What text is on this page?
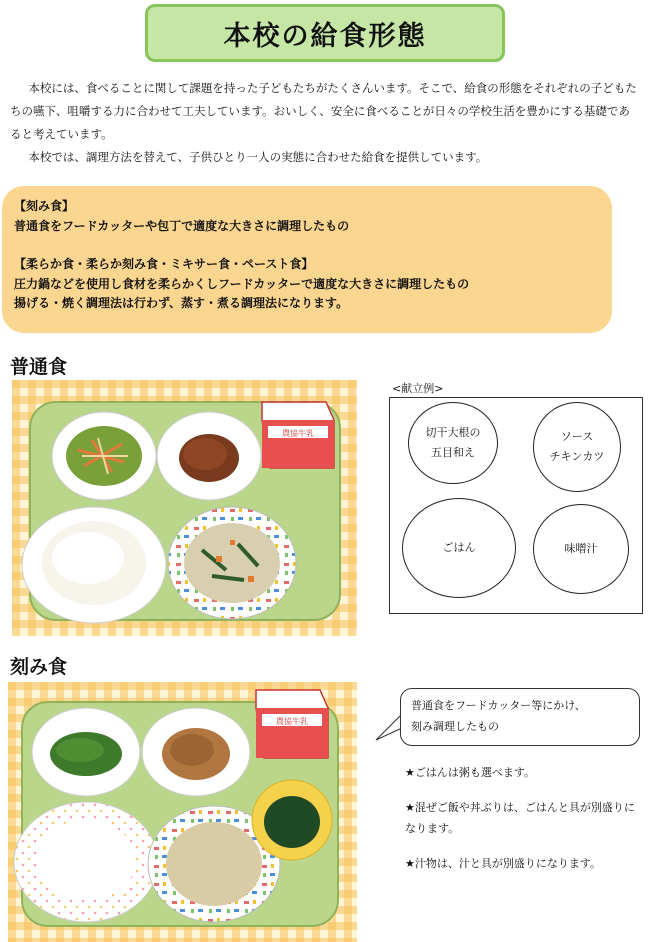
本校の給食形態

本校には、食べることに関して課題を持った子どもたちがたくさんいます。そこで、給食の形態をそれぞれの子どもたちの嚥下、咀嚼する力に合わせて工夫しています。おいしく、安全に食べることが日々の学校生活を豊かにする基礎であると考えています。

本校では、調理方法を替えて、子供ひとり一人の実態に合わせた給食を提供しています。

【刻み食】
普通食をフードカッターや包丁で適度な大きさに調理したもの
【柔らか食・柔らか刻み食・ミキサー食・ペースト食】
圧力鍋などを使用し食材を柔らかくしフードカッターで適度な大きさに調理したもの
揚げる・焼く調理法は行わず、蒸す・煮る調理法になります。
普通食
農協牛乳
<献立例>
切干大根の
五目和え
ソース
チキンカツ
ごはん	味噌汁
刻み食
農協牛乳
普通食をフードカッター等にかけ、
刻み調理したもの

★ごはんは粥も選べます。

★混ぜご飯や丼ぶりは、ごはんと具が別盛りになります。

★汁物は、汁と具が別盛りになります。
